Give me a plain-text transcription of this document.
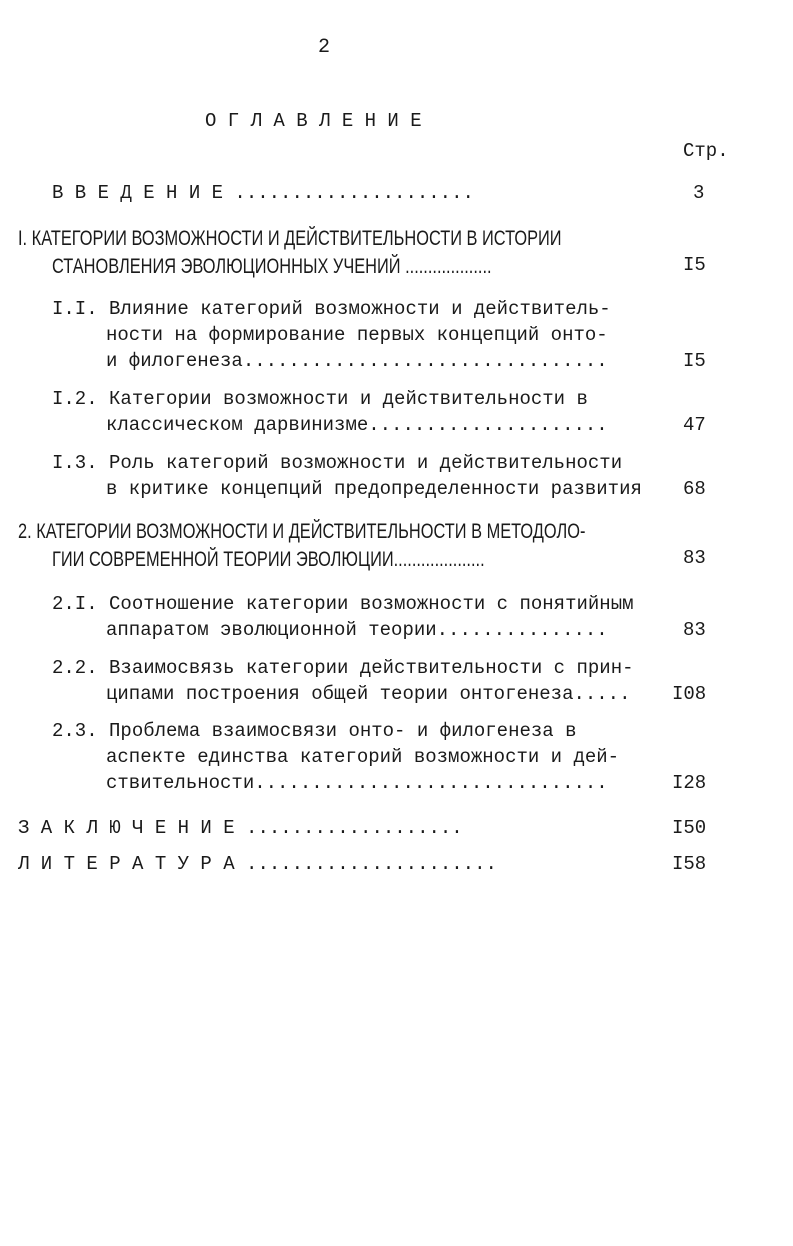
2
О Г Л А В Л Е Н И Е
Стр.
В В Е Д Е Н И Е .....................	3
I. КАТЕГОРИИ ВОЗМОЖНОСТИ И ДЕЙСТВИТЕЛЬНОСТИ В ИСТОРИИ
СТАНОВЛЕНИЯ ЭВОЛЮЦИОННЫХ УЧЕНИЙ ...................	I5
I.I. Влияние категорий возможности и действитель-
ности на формирование первых концепций онто-
и филогенеза................................	I5
I.2. Категории возможности и действительности в
классическом дарвинизме.....................	47
I.3. Роль категорий возможности и действительности
в критике концепций предопределенности развития 68
2. КАТЕГОРИИ ВОЗМОЖНОСТИ И ДЕЙСТВИТЕЛЬНОСТИ В МЕТОДОЛО-
ГИИ СОВРЕМЕННОЙ ТЕОРИИ ЭВОЛЮЦИИ....................	83
2.I. Соотношение категории возможности с понятийным
аппаратом эволюционной теории...............	83
2.2. Взаимосвязь категории действительности с прин-
ципами построения общей теории онтогенеза..... I08
2.3. Проблема взаимосвязи онто- и филогенеза в
аспекте единства категорий возможности и дей-
ствительности...............................	I28
З А К Л Ю Ч Е Н И Е ...................	I50
Л И Т Е Р А Т У Р А ......................	I58
